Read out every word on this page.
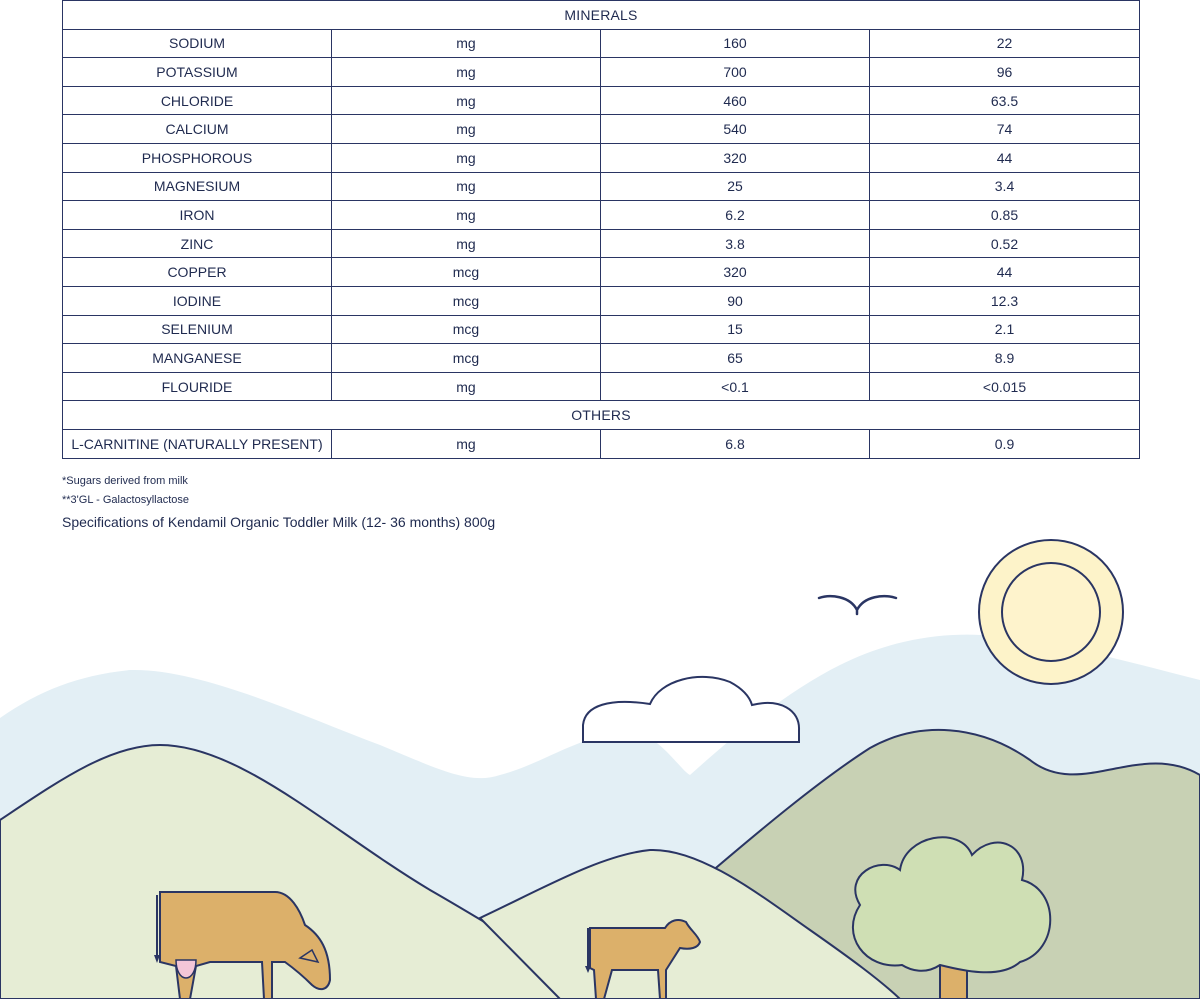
MINERALS			
SODIUM	mg	160	22
POTASSIUM	mg	700	96
CHLORIDE	mg	460	63.5
CALCIUM	mg	540	74
PHOSPHOROUS	mg	320	44
MAGNESIUM	mg	25	3.4
IRON	mg	6.2	0.85
ZINC	mg	3.8	0.52
COPPER	mcg	320	44
IODINE	mcg	90	12.3
SELENIUM	mcg	15	2.1
MANGANESE	mcg	65	8.9
FLOURIDE	mg	<0.1	<0.015
OTHERS			
L-CARNITINE (NATURALLY PRESENT)	mg	6.8	0.9
*Sugars derived from milk
**3'GL - Galactosyllactose
Specifications of Kendamil Organic Toddler Milk (12- 36 months) 800g
